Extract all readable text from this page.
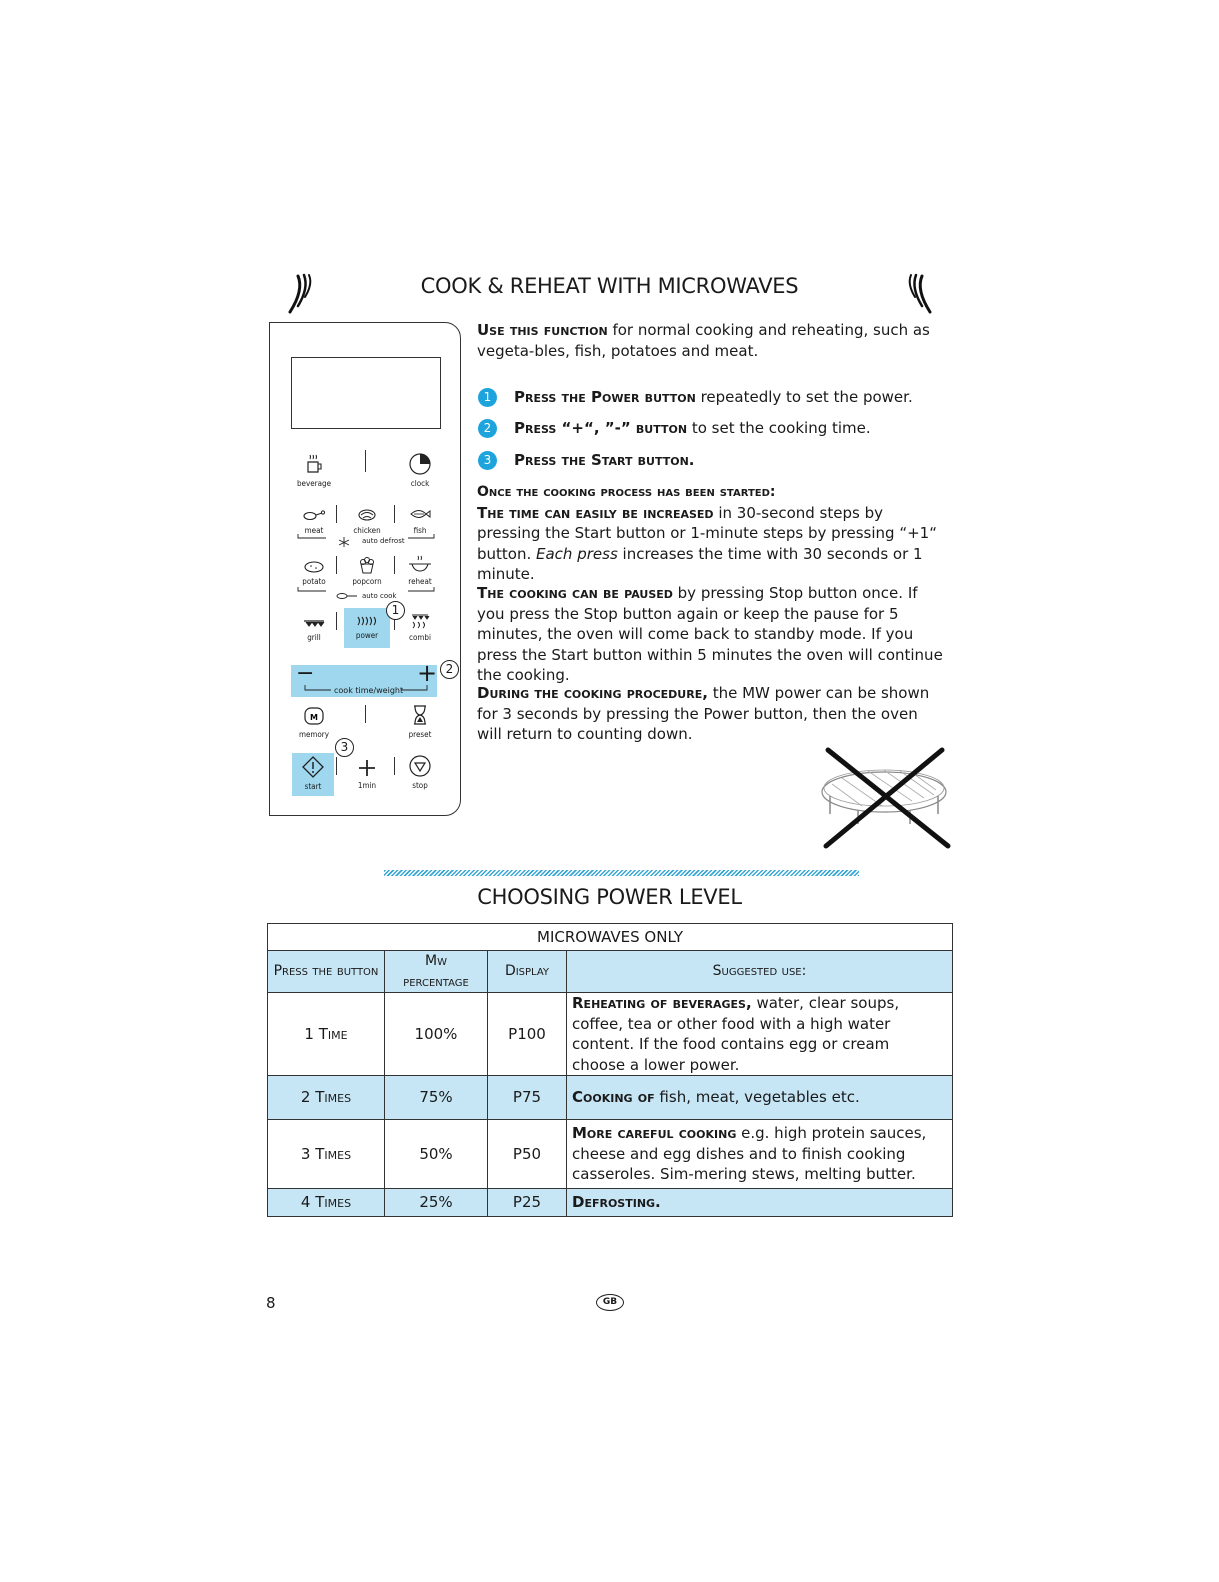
COOK & REHEAT WITH MICROWAVES
beverage	clock
meat	chicken	fish
auto defrost
potato	popcorn	reheat
auto cook
grill	power	combi
1
−	+
cook time/weight
2
M
memory	preset
3
start	1min	stop
Use this function for normal cooking and reheating, such as vegeta-bles, fish, potatoes and meat.
1 Press the Power button repeatedly to set the power.
2 Press “+“, ”-” button to set the cooking time.
3 Press the Start button.
Once the cooking process has been started:
The time can easily be increased in 30-second steps by pressing the Start button or 1-minute steps by pressing “+1“ button. Each press increases the time with 30 seconds or 1 minute.
The cooking can be paused by pressing Stop button once. If you press the Stop button again or keep the pause for 5 minutes, the oven will come back to standby mode. If you press the Start button within 5 minutes the oven will continue the cooking.
During the cooking procedure, the MW power can be shown for 3 seconds by pressing the Power button, then the oven will return to counting down.
CHOOSING POWER LEVEL
MICROWAVES ONLY			
Press the button	Mw percentage	Display	Suggested use:
1 Time	100%	P100	Reheating of beverages, water, clear soups, coffee, tea or other food with a high water content. If the food contains egg or cream choose a lower power.
2 Times	75%	P75	Cooking of fish, meat, vegetables etc.
3 Times	50%	P50	More careful cooking e.g. high protein sauces, cheese and egg dishes and to finish cooking casseroles. Sim-mering stews, melting butter.
4 Times	25%	P25	Defrosting.
8	GB
